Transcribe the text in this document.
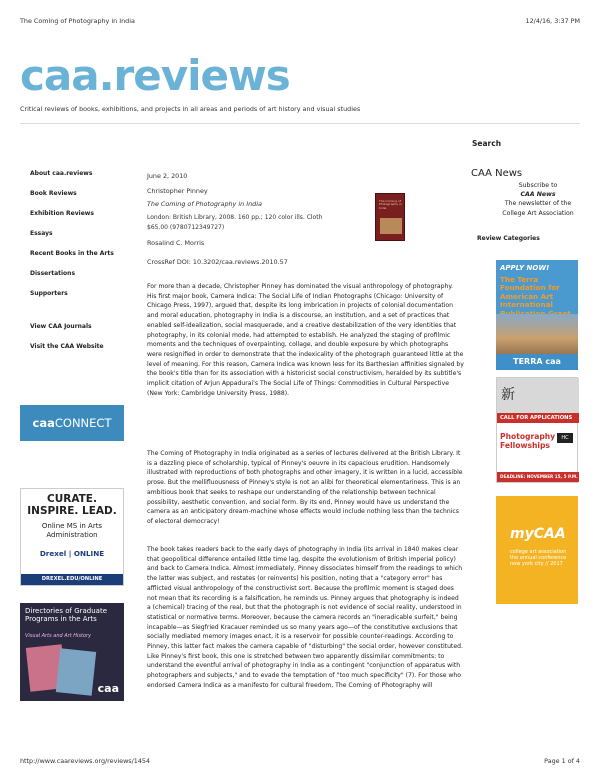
The Coming of Photography in India	12/4/16, 3:37 PM
caa.reviews
Critical reviews of books, exhibitions, and projects in all areas and periods of art history and visual studies
Search
About caa.reviews
Book Reviews
Exhibition Reviews
Essays
Recent Books in the Arts
Dissertations
Supporters
View CAA Journals
Visit the CAA Website
June 2, 2010
Christopher Pinney
The Coming of Photography in India
London: British Library, 2008. 160 pp.; 120 color ills. Cloth
$65.00 (9780712349727)
Rosalind C. Morris
CrossRef DOI: 10.3202/caa.reviews.2010.57
The Coming of Photography in India

For more than a decade, Christopher Pinney has dominated the visual anthropology of photography. His first major book, Camera Indica: The Social Life of Indian Photographs (Chicago: University of Chicago Press, 1997), argued that, despite its long imbrication in projects of colonial documentation and moral education, photography in India is a discourse, an institution, and a set of practices that enabled self-idealization, social masquerade, and a creative destabilization of the very identities that photography, in its colonial mode, had attempted to establish. He analyzed the staging of profilmic moments and the techniques of overpainting, collage, and double exposure by which photographs were resignified in order to demonstrate that the indexicality of the photograph guaranteed little at the level of meaning. For this reason, Camera Indica was known less for its Barthesian affinities signaled by the book's title than for its association with a historicist social constructivism, heralded by its subtitle's implicit citation of Arjun Appadurai's The Social Life of Things: Commodities in Cultural Perspective (New York: Cambridge University Press, 1988).

The Coming of Photography in India originated as a series of lectures delivered at the British Library. It is a dazzling piece of scholarship, typical of Pinney's oeuvre in its capacious erudition. Handsomely illustrated with reproductions of both photographs and other imagery, it is written in a lucid, accessible prose. But the mellifluousness of Pinney's style is not an alibi for theoretical elementariness. This is an ambitious book that seeks to reshape our understanding of the relationship between technical possibility, aesthetic convention, and social form. By its end, Pinney would have us understand the camera as an anticipatory dream-machine whose effects would include nothing less than the technics of electoral democracy!

The book takes readers back to the early days of photography in India (its arrival in 1840 makes clear that geopolitical difference entailed little time lag, despite the evolutionism of British imperial policy) and back to Camera Indica. Almost immediately, Pinney dissociates himself from the readings to which the latter was subject, and restates (or reinvents) his position, noting that a "category error" has afflicted visual anthropology of the constructivist sort. Because the profilmic moment is staged does not mean that its recording is a falsification, he reminds us. Pinney argues that photography is indeed a (chemical) tracing of the real, but that the photograph is not evidence of social reality, understood in statistical or normative terms. Moreover, because the camera records an "ineradicable surfeit," being incapable—as Siegfried Kracauer reminded us so many years ago—of the constitutive exclusions that socially mediated memory images enact, it is a reservoir for possible counter-readings. According to Pinney, this latter fact makes the camera capable of "disturbing" the social order, however constituted. Like Pinney's first book, this one is stretched between two apparently dissimilar commitments: to understand the eventful arrival of photography in India as a contingent "conjunction of apparatus with photographers and subjects," and to evade the temptation of "too much specificity" (7). For those who endorsed Camera Indica as a manifesto for cultural freedom, The Coming of Photography will

CAA News
Subscribe to
CAA News
The newsletter of the College Art Association
Review Categories
APPLY NOW!
The Terra Foundation for American Art International
TERRA caa
新
CALL FOR APPLICATIONS
Photography Fellowships
HC
DEADLINE: NOVEMBER 15, 5 P.M. CST
myCAA
college art association the annual conference new york city // 2017
caaCONNECT
CURATE. INSPIRE. LEAD.
Online MS in Arts Administration
Drexel | ONLINE
DREXEL.EDU/ONLINE
Directories of Graduate Programs in the Arts
Visual Arts and Art History
caa
http://www.caareviews.org/reviews/1454	Page 1 of 4
